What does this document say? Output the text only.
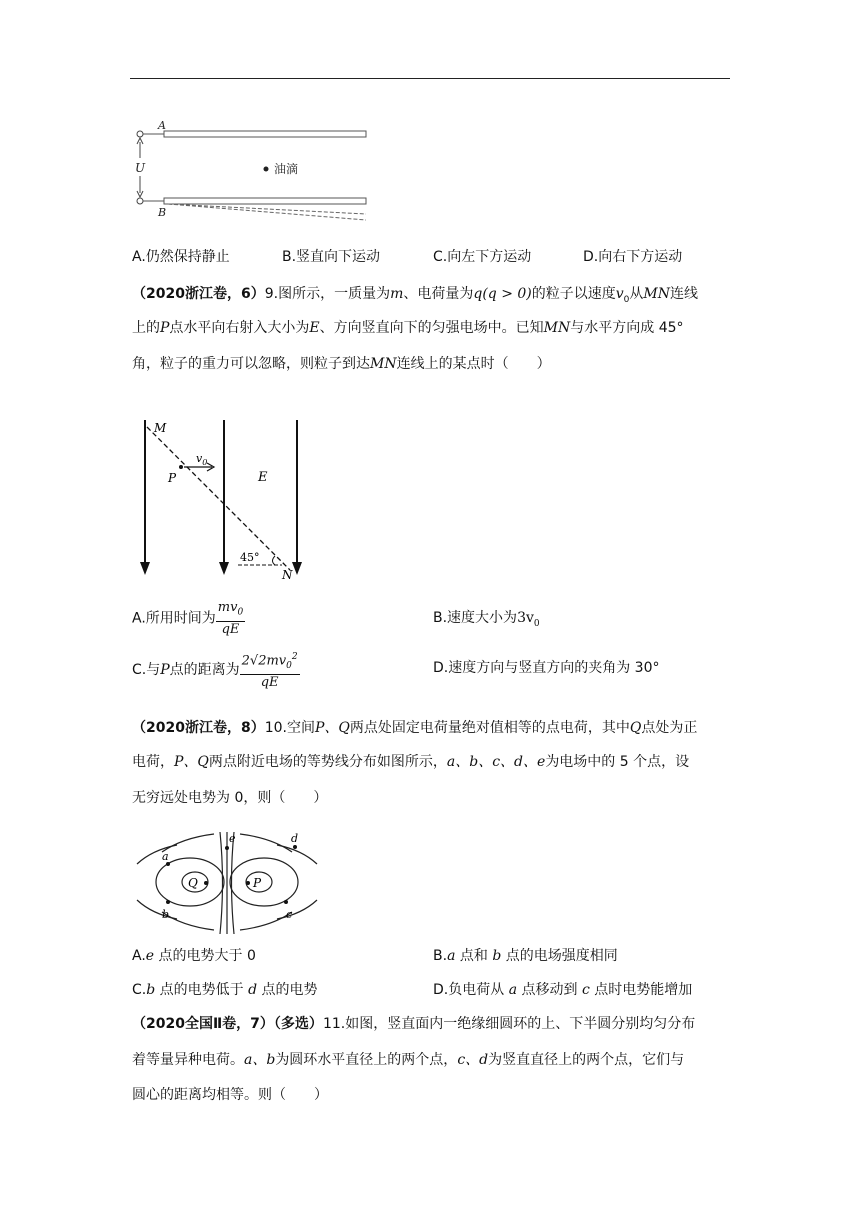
A
U
B
油滴
A.仍然保持静止	B.竖直向下运动	C.向左下方运动	D.向右下方运动
（2020浙江卷，6）9.图所示，一质量为m、电荷量为q(q > 0)的粒子以速度$v_0$从MN连线
上的P点水平向右射入大小为E、方向竖直向下的匀强电场中。已知MN与水平方向成 45°
角，粒子的重力可以忽略，则粒子到达MN连线上的某点时（　　）
M
P
$v_0$
E
45°
N
A.所用时间为 $\frac{mv_0}{qE}$	B.速度大小为$3v_0$
C.与P点的距离为 $\frac{2√2mv_0^2}{qE}$	D.速度方向与竖直方向的夹角为 30°
（2020浙江卷，8）10.空间P、Q两点处固定电荷量绝对值相等的点电荷，其中Q点处为正
电荷，P、Q两点附近电场的等势线分布如图所示，a、b、c、d、e为电场中的 5 个点，设
无穷远处电势为 0，则（　　）
a
b	c
d
e
Q	P
A.e 点的电势大于 0	B.a 点和 b 点的电场强度相同
C.b 点的电势低于 d 点的电势	D.负电荷从 a 点移动到 c 点时电势能增加
（2020全国Ⅱ卷，7）（多选）11.如图，竖直面内一绝缘细圆环的上、下半圆分别均匀分布
着等量异种电荷。a、b为圆环水平直径上的两个点，c、d为竖直直径上的两个点，它们与
圆心的距离均相等。则（　　）
